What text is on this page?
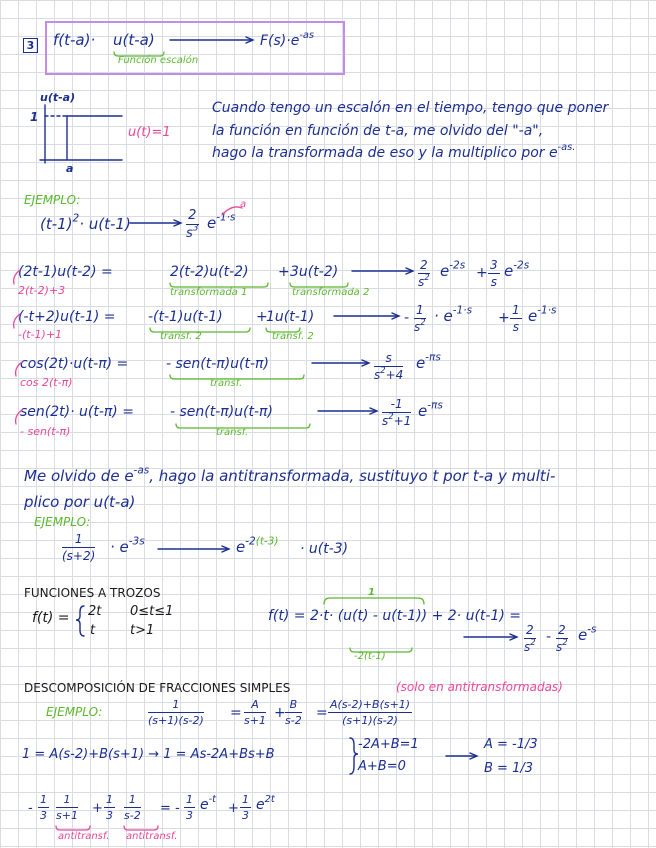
3 f(t-a)· u(t-a)	$F(s)\cdot e^{-as}$
Función escalón
u(t-a)
1
a
u(t)=1
Cuando tengo un escalón en el tiempo, tengo que poner
la función en función de t-a, me olvido del "-a",
hago la transformada de eso y la multiplico por $e^{-as.}$
EJEMPLO:
$(t-1)^2\cdot u(t-1)$	$\frac{2}{s^3} e^{-1\cdot s}$
a
2(t-2)+3
(2t-1)u(t-2) =	2(t-2)u(t-2) + 3u(t-2)
transformada 1	transformada 2
$\frac{2}{s^2} e^{-2s} + \frac{3}{s} e^{-2s}$
-(t-1)+1
(-t+2)u(t-1) = -(t-1)u(t-1) +
1u(t-1)
transf. 2	transf. 2
- $\frac{1}{s^2} \cdot e^{-1\cdot s} + \frac{1}{s} e^{-1\cdot s}$
cos 2(t-π)
cos(2t)·u(t-π) =	- sen(t-π)u(t-π)
transf.
$\frac{s}{s^2+4} e^{-\pi s}$
- sen(t-π)
sen(2t)· u(t-π) =	- sen(t-π)u(t-π)
transf.
$\frac{-1}{s^2+1} e^{-\pi s}$
Me olvido de $e^{-as}$, hago la antitransformada, sustituyo t por t-a y multi-
plico por u(t-a)
EJEMPLO:
$\frac{1}{(s+2)} \cdot e^{-3s}$	$e^{-2(t-3)} \cdot u(t-3)$
FUNCIONES A TROZOS
f(t) = 2t 0≤t≤1
t	t>1
1
f(t) = 2·t· (u(t) - u(t-1)) + 2· u(t-1) =
-2(t-1)
$\frac{2}{s^2} - \frac{2}{s^2} e^{-s}$
DESCOMPOSICIÓN DE FRACCIONES SIMPLES	(solo en antitransformadas)
EJEMPLO:	$\frac{1}{(s+1)(s-2)} = \frac{A}{s+1} + \frac{B}{s-2} = \frac{A(s-2)+B(s+1)}{(s+1)(s-2)}$
1 = A(s-2)+B(s+1) → 1 = As-2A+Bs+B
-2A+B=1
A+B=0
A = -1/3
B = 1/3
- $\frac{1}{3} \frac{1}{s+1} + \frac{1}{3} \frac{1}{s-2}$ = - $\frac{1}{3} e^{-t}$
+ $\frac{1}{3} e^{2t}$
antitransf. antitransf.
